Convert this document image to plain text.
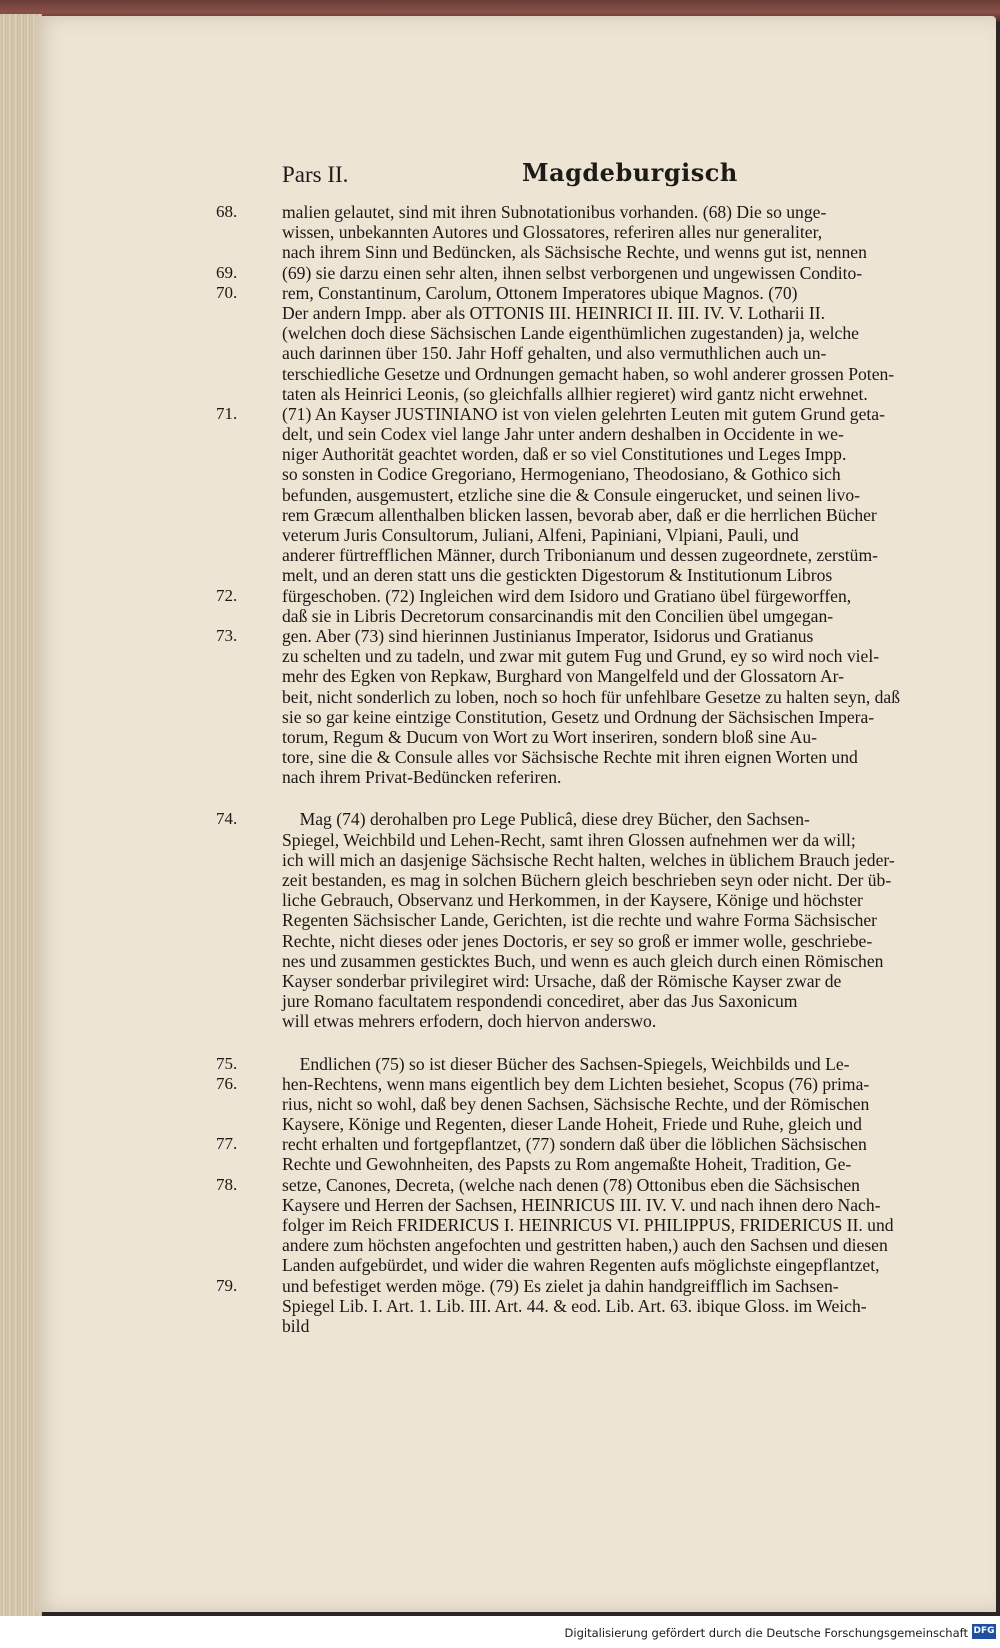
Pars II.	Magdeburgisch
68.	malien gelautet, sind mit ihren Subnotationibus vorhanden. (68) Die so unge-
wissen, unbekannten Autores und Glossatores, referiren alles nur generaliter,
nach ihrem Sinn und Bedüncken, als Sächsische Rechte, und wenns gut ist, nennen
69.	(69) sie darzu einen sehr alten, ihnen selbst verborgenen und ungewissen Condito-
70.	rem, Constantinum, Carolum, Ottonem Imperatores ubique Magnos. (70)
Der andern Impp. aber als OTTONIS III. HEINRICI II. III. IV. V. Lotharii II.
(welchen doch diese Sächsischen Lande eigenthümlichen zugestanden) ja, welche
auch darinnen über 150. Jahr Hoff gehalten, und also vermuthlichen auch un-
terschiedliche Gesetze und Ordnungen gemacht haben, so wohl anderer grossen Poten-
taten als Heinrici Leonis, (so gleichfalls allhier regieret) wird gantz nicht erwehnet.
71.	(71) An Kayser JUSTINIANO ist von vielen gelehrten Leuten mit gutem Grund geta-
delt, und sein Codex viel lange Jahr unter andern deshalben in Occidente in we-
niger Authorität geachtet worden, daß er so viel Constitutiones und Leges Impp.
so sonsten in Codice Gregoriano, Hermogeniano, Theodosiano, & Gothico sich
befunden, ausgemustert, etzliche sine die & Consule eingerucket, und seinen livo-
rem Græcum allenthalben blicken lassen, bevorab aber, daß er die herrlichen Bücher
veterum Juris Consultorum, Juliani, Alfeni, Papiniani, Vlpiani, Pauli, und
anderer fürtrefflichen Männer, durch Tribonianum und dessen zugeordnete, zerstüm-
melt, und an deren statt uns die gestickten Digestorum & Institutionum Libros
72.	fürgeschoben. (72) Ingleichen wird dem Isidoro und Gratiano übel fürgeworffen,
daß sie in Libris Decretorum consarcinandis mit den Concilien übel umgegan-
73.	gen. Aber (73) sind hierinnen Justinianus Imperator, Isidorus und Gratianus
zu schelten und zu tadeln, und zwar mit gutem Fug und Grund, ey so wird noch viel-
mehr des Egken von Repkaw, Burghard von Mangelfeld und der Glossatorn Ar-
beit, nicht sonderlich zu loben, noch so hoch für unfehlbare Gesetze zu halten seyn, daß
sie so gar keine eintzige Constitution, Gesetz und Ordnung der Sächsischen Impera-
torum, Regum & Ducum von Wort zu Wort inseriren, sondern bloß sine Au-
tore, sine die & Consule alles vor Sächsische Rechte mit ihren eignen Worten und
nach ihrem Privat-Bedüncken referiren.
74.	Mag (74) derohalben pro Lege Publicâ, diese drey Bücher, den Sachsen-
Spiegel, Weichbild und Lehen-Recht, samt ihren Glossen aufnehmen wer da will;
ich will mich an dasjenige Sächsische Recht halten, welches in üblichem Brauch jeder-
zeit bestanden, es mag in solchen Büchern gleich beschrieben seyn oder nicht. Der üb-
liche Gebrauch, Observanz und Herkommen, in der Kaysere, Könige und höchster
Regenten Sächsischer Lande, Gerichten, ist die rechte und wahre Forma Sächsischer
Rechte, nicht dieses oder jenes Doctoris, er sey so groß er immer wolle, geschriebe-
nes und zusammen gesticktes Buch, und wenn es auch gleich durch einen Römischen
Kayser sonderbar privilegiret wird: Ursache, daß der Römische Kayser zwar de
jure Romano facultatem respondendi concediret, aber das Jus Saxonicum
will etwas mehrers erfodern, doch hiervon anderswo.
75.	Endlichen (75) so ist dieser Bücher des Sachsen-Spiegels, Weichbilds und Le-
76.	hen-Rechtens, wenn mans eigentlich bey dem Lichten besiehet, Scopus (76) prima-
rius, nicht so wohl, daß bey denen Sachsen, Sächsische Rechte, und der Römischen
Kaysere, Könige und Regenten, dieser Lande Hoheit, Friede und Ruhe, gleich und
77.	recht erhalten und fortgepflantzet, (77) sondern daß über die löblichen Sächsischen
Rechte und Gewohnheiten, des Papsts zu Rom angemaßte Hoheit, Tradition, Ge-
78.	setze, Canones, Decreta, (welche nach denen (78) Ottonibus eben die Sächsischen
Kaysere und Herren der Sachsen, HEINRICUS III. IV. V. und nach ihnen dero Nach-
folger im Reich FRIDERICUS I. HEINRICUS VI. PHILIPPUS, FRIDERICUS II. und
andere zum höchsten angefochten und gestritten haben,) auch den Sachsen und diesen
Landen aufgebürdet, und wider die wahren Regenten aufs möglichste eingepflantzet,
79.	und befestiget werden möge. (79) Es zielet ja dahin handgreifflich im Sachsen-
Spiegel Lib. I. Art. 1. Lib. III. Art. 44. & eod. Lib. Art. 63. ibique Gloss. im Weich-
bild
Digitalisierung gefördert durch die Deutsche Forschungsgemeinschaft DFG
